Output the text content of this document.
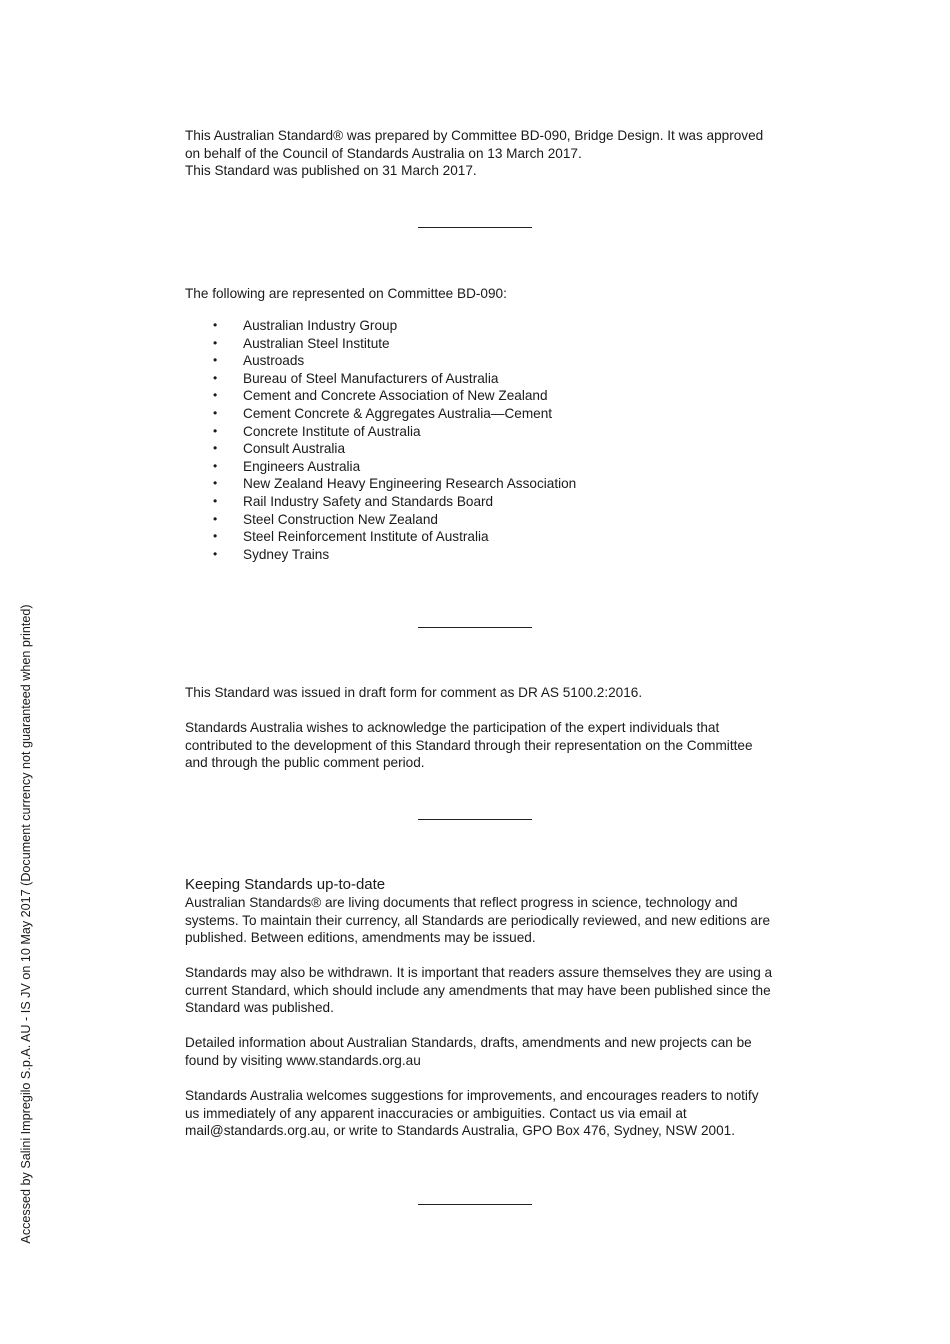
This Australian Standard® was prepared by Committee BD-090, Bridge Design. It was approved on behalf of the Council of Standards Australia on 13 March 2017.
This Standard was published on 31 March 2017.

The following are represented on Committee BD-090:

• Australian Industry Group
• Australian Steel Institute
• Austroads
• Bureau of Steel Manufacturers of Australia
• Cement and Concrete Association of New Zealand
• Cement Concrete & Aggregates Australia—Cement
• Concrete Institute of Australia
• Consult Australia
• Engineers Australia
• New Zealand Heavy Engineering Research Association
• Rail Industry Safety and Standards Board
• Steel Construction New Zealand
• Steel Reinforcement Institute of Australia
• Sydney Trains

This Standard was issued in draft form for comment as DR AS 5100.2:2016.

Standards Australia wishes to acknowledge the participation of the expert individuals that contributed to the development of this Standard through their representation on the Committee and through the public comment period.

Keeping Standards up-to-date

Australian Standards® are living documents that reflect progress in science, technology and systems. To maintain their currency, all Standards are periodically reviewed, and new editions are published. Between editions, amendments may be issued.

Standards may also be withdrawn. It is important that readers assure themselves they are using a current Standard, which should include any amendments that may have been published since the Standard was published.

Detailed information about Australian Standards, drafts, amendments and new projects can be found by visiting www.standards.org.au

Standards Australia welcomes suggestions for improvements, and encourages readers to notify us immediately of any apparent inaccuracies or ambiguities. Contact us via email at mail@standards.org.au, or write to Standards Australia, GPO Box 476, Sydney, NSW 2001.

Accessed by Salini Impregilo S.p.A. AU - IS JV on 10 May 2017 (Document currency not guaranteed when printed)
